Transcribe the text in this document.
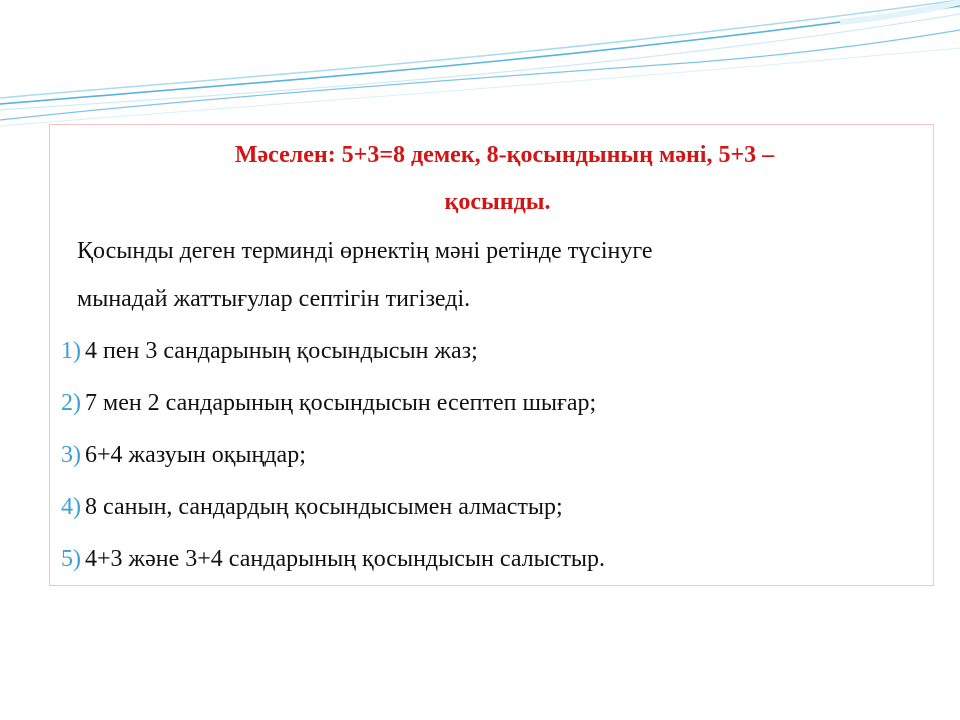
Мәселен: 5+3=8 демек, 8-қосындының мәні, 5+3 –
қосынды.
Қосынды деген терминді өрнектің мәні ретінде түсінуге
мынадай жаттығулар септігін тигізеді.
1) 4 пен 3 сандарының қосындысын жаз;
2) 7 мен 2 сандарының қосындысын есептеп шығар;
3) 6+4 жазуын оқыңдар;
4) 8 санын, сандардың қосындысымен алмастыр;
5) 4+3 және 3+4 сандарының қосындысын салыстыр.
